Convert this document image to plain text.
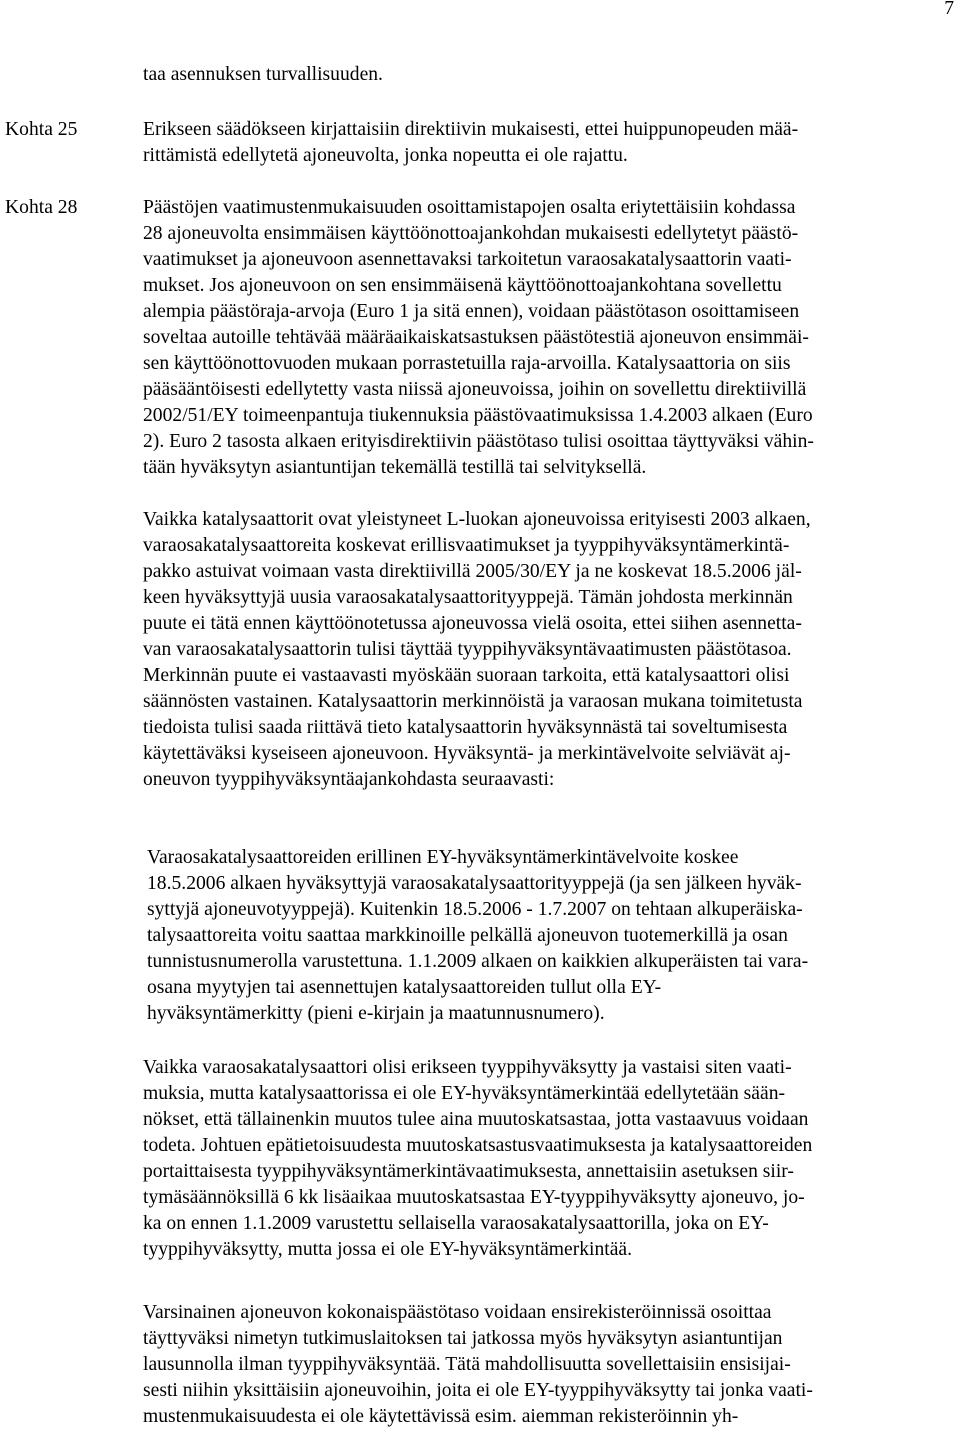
7
taa asennuksen turvallisuuden.
Kohta 25	Erikseen säädökseen kirjattaisiin direktiivin mukaisesti, ettei huippunopeuden mää-
rittämistä edellytetä ajoneuvolta, jonka nopeutta ei ole rajattu.
Kohta 28	Päästöjen vaatimustenmukaisuuden osoittamistapojen osalta eriytettäisiin kohdassa
28 ajoneuvolta ensimmäisen käyttöönottoajankohdan mukaisesti edellytetyt päästö-
vaatimukset ja ajoneuvoon asennettavaksi tarkoitetun varaosakatalysaattorin vaati-
mukset. Jos ajoneuvoon on sen ensimmäisenä käyttöönottoajankohtana sovellettu
alempia päästöraja-arvoja (Euro 1 ja sitä ennen), voidaan päästötason osoittamiseen
soveltaa autoille tehtävää määräaikaiskatsastuksen päästötestiä ajoneuvon ensimmäi-
sen käyttöönottovuoden mukaan porrastetuilla raja-arvoilla. Katalysaattoria on siis
pääsääntöisesti edellytetty vasta niissä ajoneuvoissa, joihin on sovellettu direktiivillä
2002/51/EY toimeenpantuja tiukennuksia päästövaatimuksissa 1.4.2003 alkaen (Euro
2). Euro 2 tasosta alkaen erityisdirektiivin päästötaso tulisi osoittaa täyttyväksi vähin-
tään hyväksytyn asiantuntijan tekemällä testillä tai selvityksellä.
Vaikka katalysaattorit ovat yleistyneet L-luokan ajoneuvoissa erityisesti 2003 alkaen,
varaosakatalysaattoreita koskevat erillisvaatimukset ja tyyppihyväksyntämerkintä-
pakko astuivat voimaan vasta direktiivillä 2005/30/EY ja ne koskevat 18.5.2006 jäl-
keen hyväksyttyjä uusia varaosakatalysaattorityyppejä. Tämän johdosta merkinnän
puute ei tätä ennen käyttöönotetussa ajoneuvossa vielä osoita, ettei siihen asennetta-
van varaosakatalysaattorin tulisi täyttää tyyppihyväksyntävaatimusten päästötasoa.
Merkinnän puute ei vastaavasti myöskään suoraan tarkoita, että katalysaattori olisi
säännösten vastainen. Katalysaattorin merkinnöistä ja varaosan mukana toimitetusta
tiedoista tulisi saada riittävä tieto katalysaattorin hyväksynnästä tai soveltumisesta
käytettäväksi kyseiseen ajoneuvoon. Hyväksyntä- ja merkintävelvoite selviävät aj-
oneuvon tyyppihyväksyntäajankohdasta seuraavasti:
Varaosakatalysaattoreiden erillinen EY-hyväksyntämerkintävelvoite koskee
18.5.2006 alkaen hyväksyttyjä varaosakatalysaattorityyppejä (ja sen jälkeen hyväk-
syttyjä ajoneuvotyyppejä). Kuitenkin 18.5.2006 - 1.7.2007 on tehtaan alkuperäiska-
talysaattoreita voitu saattaa markkinoille pelkällä ajoneuvon tuotemerkillä ja osan
tunnistusnumerolla varustettuna. 1.1.2009 alkaen on kaikkien alkuperäisten tai vara-
osana myytyjen tai asennettujen katalysaattoreiden tullut olla EY-
hyväksyntämerkitty (pieni e-kirjain ja maatunnusnumero).
Vaikka varaosakatalysaattori olisi erikseen tyyppihyväksytty ja vastaisi siten vaati-
muksia, mutta katalysaattorissa ei ole EY-hyväksyntämerkintää edellytetään sään-
nökset, että tällainenkin muutos tulee aina muutoskatsastaa, jotta vastaavuus voidaan
todeta. Johtuen epätietoisuudesta muutoskatsastusvaatimuksesta ja katalysaattoreiden
portaittaisesta tyyppihyväksyntämerkintävaatimuksesta, annettaisiin asetuksen siir-
tymäsäännöksillä 6 kk lisäaikaa muutoskatsastaa EY-tyyppihyväksytty ajoneuvo, jo-
ka on ennen 1.1.2009 varustettu sellaisella varaosakatalysaattorilla, joka on EY-
tyyppihyväksytty, mutta jossa ei ole EY-hyväksyntämerkintää.
Varsinainen ajoneuvon kokonaispäästötaso voidaan ensirekisteröinnissä osoittaa
täyttyväksi nimetyn tutkimuslaitoksen tai jatkossa myös hyväksytyn asiantuntijan
lausunnolla ilman tyyppihyväksyntää. Tätä mahdollisuutta sovellettaisiin ensisijai-
sesti niihin yksittäisiin ajoneuvoihin, joita ei ole EY-tyyppihyväksytty tai jonka vaati-
mustenmukaisuudesta ei ole käytettävissä esim. aiemman rekisteröinnin yh-
